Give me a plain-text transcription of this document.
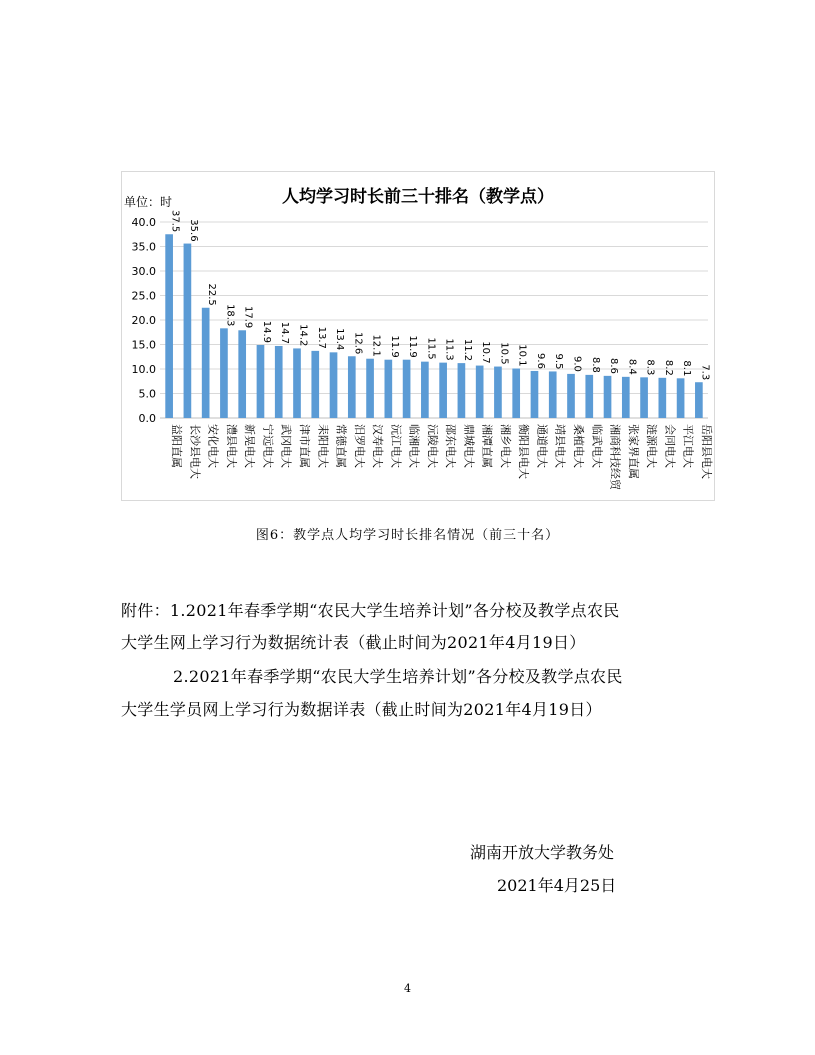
人均学习时长前三十排名（教学点）
单位：时
0.0
5.0
10.0
15.0
20.0
25.0
30.0
35.0
40.0 37.5
益阳直属
35.6
长沙县电大
22.5
安化电大
18.3
澧县电大
17.9
新晃电大
14.9
宁远电大
14.7
武冈电大
14.2
津市直属
13.7
耒阳电大
13.4
常德直属
12.6
汨罗电大
12.1
汉寿电大
11.9
沅江电大
11.9
临湘电大
11.5
沅陵电大
11.3
邵东电大
11.2
鼎城电大
10.7
湘潭直属
10.5
湘乡电大
10.1
衡阳县电大
9.6
通道电大
9.5
靖县电大
9.0
桑植电大
8.8
临武电大
8.6
湘商科技经贸
8.4
张家界直属
8.3
涟源电大
8.2
会同电大
8.1
平江电大
7.3
岳阳县电大
图6：教学点人均学习时长排名情况（前三十名）
附件：1.2021年春季学期“农民大学生培养计划”各分校及教学点农民
大学生网上学习行为数据统计表（截止时间为2021年4月19日）
2.2021年春季学期“农民大学生培养计划”各分校及教学点农民
大学生学员网上学习行为数据详表（截止时间为2021年4月19日）
湖南开放大学教务处
2021年4月25日
4
